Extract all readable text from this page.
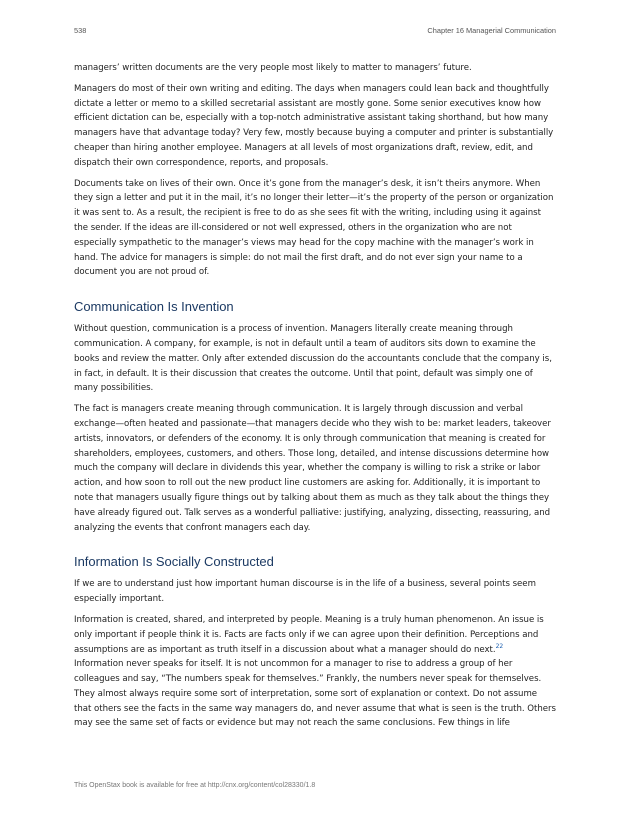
538	Chapter 16 Managerial Communication

managers’ written documents are the very people most likely to matter to managers’ future.

Managers do most of their own writing and editing. The days when managers could lean back and thoughtfully dictate a letter or memo to a skilled secretarial assistant are mostly gone. Some senior executives know how efficient dictation can be, especially with a top-notch administrative assistant taking shorthand, but how many managers have that advantage today? Very few, mostly because buying a computer and printer is substantially cheaper than hiring another employee. Managers at all levels of most organizations draft, review, edit, and dispatch their own correspondence, reports, and proposals.

Documents take on lives of their own. Once it’s gone from the manager’s desk, it isn’t theirs anymore. When they sign a letter and put it in the mail, it’s no longer their letter—it’s the property of the person or organization it was sent to. As a result, the recipient is free to do as she sees fit with the writing, including using it against the sender. If the ideas are ill-considered or not well expressed, others in the organization who are not especially sympathetic to the manager’s views may head for the copy machine with the manager’s work in hand. The advice for managers is simple: do not mail the first draft, and do not ever sign your name to a document you are not proud of.

Communication Is Invention

Without question, communication is a process of invention. Managers literally create meaning through communication. A company, for example, is not in default until a team of auditors sits down to examine the books and review the matter. Only after extended discussion do the accountants conclude that the company is, in fact, in default. It is their discussion that creates the outcome. Until that point, default was simply one of many possibilities.

The fact is managers create meaning through communication. It is largely through discussion and verbal exchange—often heated and passionate—that managers decide who they wish to be: market leaders, takeover artists, innovators, or defenders of the economy. It is only through communication that meaning is created for shareholders, employees, customers, and others. Those long, detailed, and intense discussions determine how much the company will declare in dividends this year, whether the company is willing to risk a strike or labor action, and how soon to roll out the new product line customers are asking for. Additionally, it is important to note that managers usually figure things out by talking about them as much as they talk about the things they have already figured out. Talk serves as a wonderful palliative: justifying, analyzing, dissecting, reassuring, and analyzing the events that confront managers each day.

Information Is Socially Constructed

If we are to understand just how important human discourse is in the life of a business, several points seem especially important.

Information is created, shared, and interpreted by people. Meaning is a truly human phenomenon. An issue is only important if people think it is. Facts are facts only if we can agree upon their definition. Perceptions and assumptions are as important as truth itself in a discussion about what a manager should do next.$^{22}$

Information never speaks for itself. It is not uncommon for a manager to rise to address a group of her colleagues and say, “The numbers speak for themselves.” Frankly, the numbers never speak for themselves. They almost always require some sort of interpretation, some sort of explanation or context. Do not assume that others see the facts in the same way managers do, and never assume that what is seen is the truth. Others may see the same set of facts or evidence but may not reach the same conclusions. Few things in life

This OpenStax book is available for free at http://cnx.org/content/col28330/1.8
